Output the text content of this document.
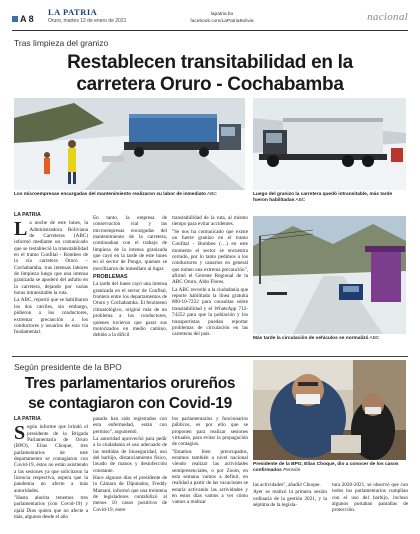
A 8
LA PATRIA
Oruro, martes 12 de enero de 2021
lapatria.bo
facebook.com/LaPatriaBolivia	nacional
Tras limpieza del granizo
Restablecen transitabilidad en la
carretera Oruro - Cochabamba
Los microempresas encargadas del mantenimiento realizaron su labor de inmediato ABC	Luego del granizo la carretera quedó intransitable, más tarde fueron habilitadas ABC
Más tarde la circulación de vehículos se normalizó ABC
LA PATRIA

La noche de este lunes, la Administradora Boliviana de Carreteras (ABC) informó mediante un comunicado que se restableció la transitabilidad en el tramo Confital - Bombeo de la vía carretera Oruro – Cochabamba, tras intensas labores de limpieza luego que una intensa granizada se apoderó del asfalto en la carretera, dejando por varias horas intransitable la ruta.

La ABC, reportó que se habilitaron los dos carriles, sin embargo, pidieron a los conductores, extremar precaución a los conductores y usuarios de esta vía fundamental.

En tanto, la empresa de conservación vial y las microempresas encargadas del mantenimiento de la carretera, continuaban con el trabajo de limpieza de la intensa granizada que cayó en la tarde de este lunes en el sector de Pongo, quienes se movilizaron de inmediato al lugar.

PROBLEMAS

La tarde del lunes cayó una intensa granizada en el sector de Confital, frontera entre los departamentos de Oruro y Cochabamba. El fenómeno climatológico, originó más de un problema a los conductores, quienes tuvieron que parar sus motorizados en medio camino, debido a la difícil

transitabilidad de la ruta, al mismo tiempo para evitar accidentes.

"Se nos ha comunicado que existe un fuerte granizo en el tramo Confital - Bombeo (…) en este momento el sector se encuentra cerrado, por lo tanto pedimos a los conductores y usuarios en general que tomen una extrema precaución", afirmó el Gerente Regional de la ABC Oruro, Aldo Flores.

La ABC recordó a la ciudadanía que reporte habilitada la línea gratuita 800-10-7222 para consultas sobre transitabilidad y el WhatsApp 712-74252 para que la población y los transportistas puedan reportar problemas de circulación en las carreteras del país.

Según presidente de la BPO
Tres parlamentarios orureños
se contagiaron con Covid-19
Presidente de la BPO, Elías Choque, dio a conocer de los casos confirmados Pensión
LA PATRIA

Según informe que brindó el presidente de la Brigada Parlamentaria de Oruro (BPO), Elías Choque, tres parlamentarios de este departamento se contagiaron con Covid-19, éstos no están asistiendo a las sesiones ya que solicitaron la licencia respectiva, espera que la pandemia no afecte a más autoridades.

"Hasta ahorita tenemos tres parlamentarios (con Covid-19) y ojalá Dios quiera que no afecte a más, algunos desde el año

pasado han sido registrados con esta enfermedad, están con permiso", argumentó.

La autoridad aprovechó para pedir a la ciudadanía el uso adecuado de las medidas de bioseguridad, uso del barbijo, distanciamiento físico, lavado de manos y desinfección constante.

Hace algunos días el presidente de la Cámara de Diputados, Freddy Mamani, informó que una treintena de legisladores contabilizó al menos 10 casos positivos de Covid-19, entre

los parlamentarios y funcionarios públicos, es por ello que se proponen para realizar sesiones virtuales, para evitar la propagación de contagios.

"Estamos bien preocupados, estamos también a nivel nacional viendo realizar las actividades semipresenciales, o por Zoom, en esta semana vamos a definir, en realidad a partir de las vacaciones se estaría activando las actividades y en estos días vamos a ver cómo vamos a realizar

las actividades", añadió Choque.

Ayer se realizó la primera sesión ordinaria de la gestión 2021, y la séptima de la legisla-

tura 2020-2021, se observó que con todos los parlamentarios cumplían con el uso del barbijo, incluso algunos portaban pantallas de protección.
